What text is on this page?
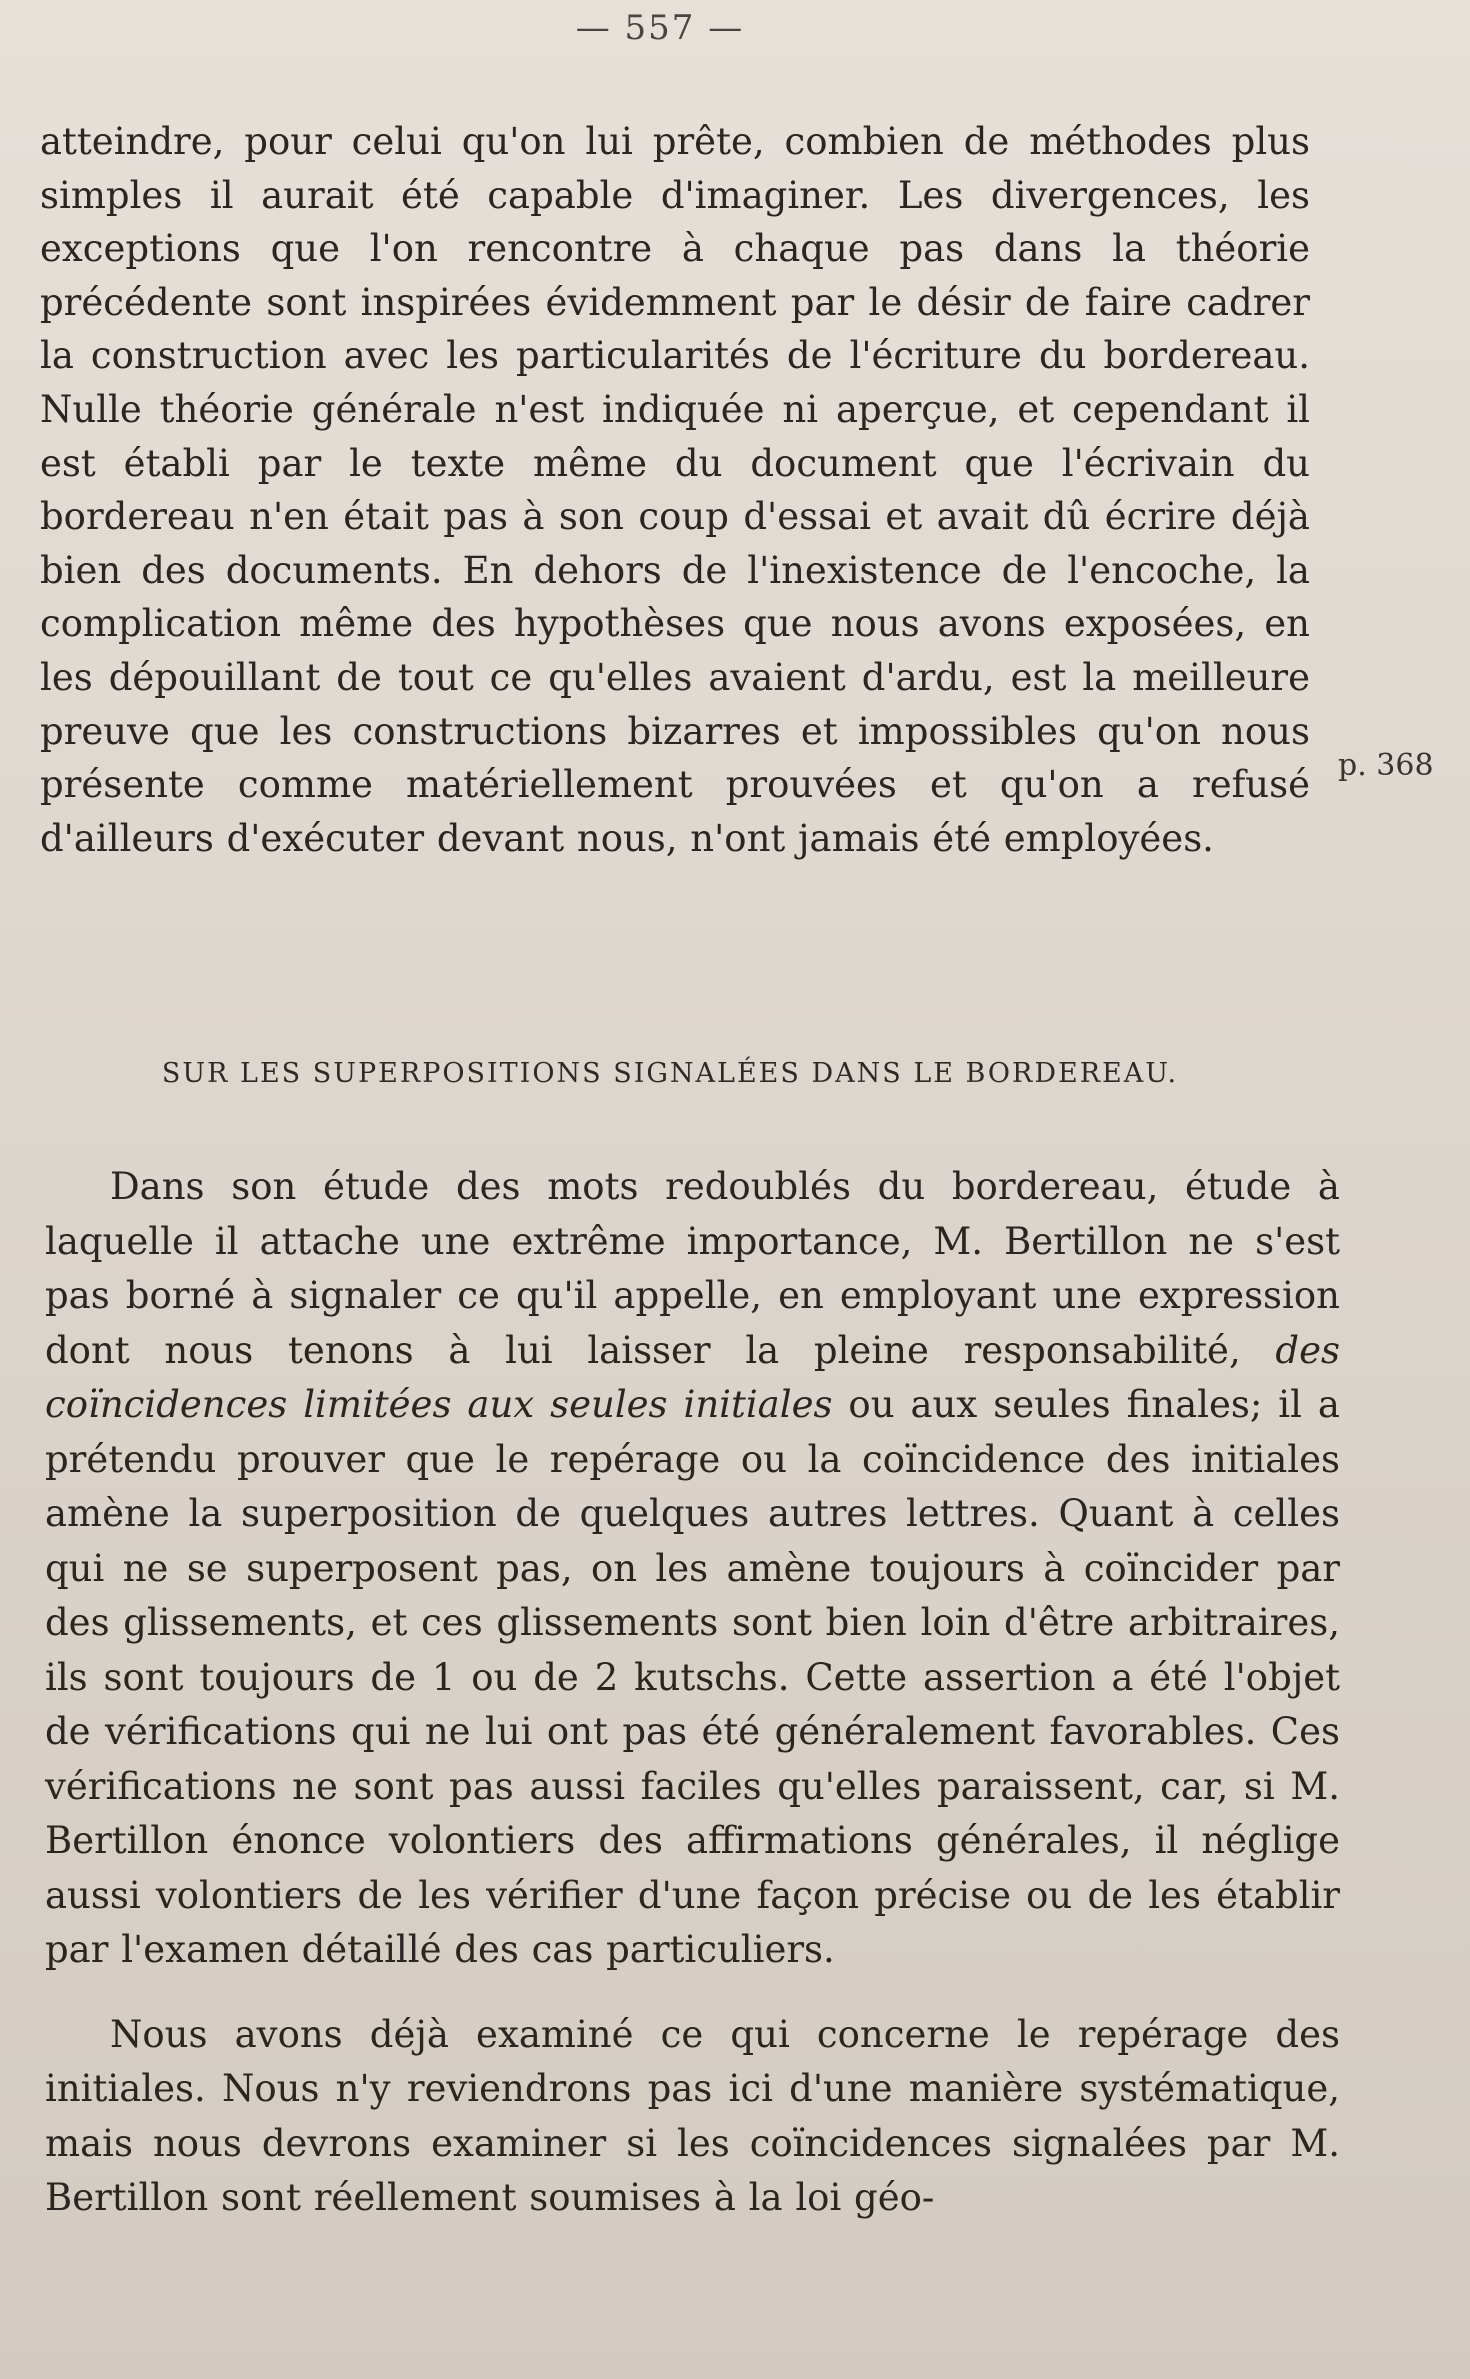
— 557 —

atteindre, pour celui qu'on lui prête, combien de méthodes plus simples il aurait été capable d'imaginer. Les divergences, les exceptions que l'on rencontre à chaque pas dans la théorie précédente sont inspirées évidemment par le désir de faire cadrer la construction avec les particularités de l'écriture du bordereau. Nulle théorie générale n'est indiquée ni aperçue, et cependant il est établi par le texte même du document que l'écrivain du bordereau n'en était pas à son coup d'essai et avait dû écrire déjà bien des documents. En dehors de l'inexistence de l'encoche, la complication même des hypothèses que nous avons exposées, en les dépouillant de tout ce qu'elles avaient d'ardu, est la meilleure preuve que les constructions bizarres et impossibles qu'on nous présente comme matériellement prouvées et qu'on a refusé d'ailleurs d'exécuter devant nous, n'ont jamais été employées.

p. 368
SUR LES SUPERPOSITIONS SIGNALÉES DANS LE BORDEREAU.

Dans son étude des mots redoublés du bordereau, étude à laquelle il attache une extrême importance, M. Bertillon ne s'est pas borné à signaler ce qu'il appelle, en employant une expression dont nous tenons à lui laisser la pleine responsabilité, des coïncidences limitées aux seules initiales ou aux seules finales; il a prétendu prouver que le repérage ou la coïncidence des initiales amène la superposition de quelques autres lettres. Quant à celles qui ne se superposent pas, on les amène toujours à coïncider par des glissements, et ces glissements sont bien loin d'être arbitraires, ils sont toujours de 1 ou de 2 kutschs. Cette assertion a été l'objet de vérifications qui ne lui ont pas été généralement favorables. Ces vérifications ne sont pas aussi faciles qu'elles paraissent, car, si M. Bertillon énonce volontiers des affirmations générales, il néglige aussi volontiers de les vérifier d'une façon précise ou de les établir par l'examen détaillé des cas particuliers.

Nous avons déjà examiné ce qui concerne le repérage des initiales. Nous n'y reviendrons pas ici d'une manière systématique, mais nous devrons examiner si les coïncidences signalées par M. Bertillon sont réellement soumises à la loi géo-
